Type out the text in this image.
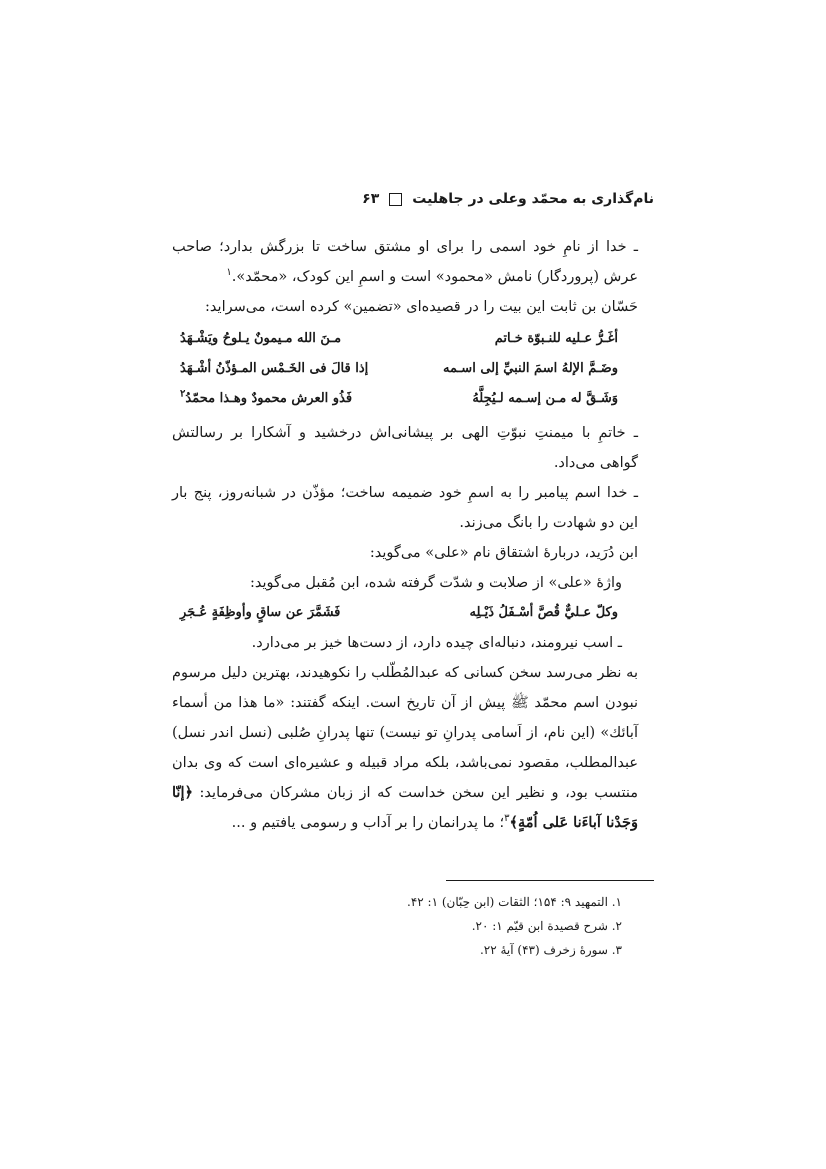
نام‌گذاری به محمّد وعلی در جاهلیت
۶۳

ـ خدا از نامِ خود اسمی را برای او مشتق ساخت تا بزرگش بدارد؛ صاحب عرش (پروردگار) نامش «محمود» است و اسمِ این کودک، «محمّد».$^۱$

حَسّان بن ثابت این بیت را در قصیده‌ای «تضمین» کرده است، می‌سراید:

أغَـرُّ عـليه للنـبوّة خـاتم
مـنَ الله مـيمونٌ يـلوحُ ويَشْـهَدُ
وضَـمَّ الإلهُ اسمَ النبيِّ إلى اسـمه
إذا قالَ فی الخَـمْس المـؤذّنُ أشْـهَدُ
وَشَـقَّ له مـن إسـمه لـيُجِلَّهُ
فَذُو العرش محمودٌ وهـذا محمّدُ$^۲$

ـ خاتمِ با میمنتِ نبوّتِ الهی بر پیشانی‌اش درخشید و آشکارا بر رسالتش گواهی می‌داد.

ـ خدا اسم پیامبر را به اسمِ خود ضمیمه ساخت؛ مؤذّن در شبانه‌روز، پنج بار این دو شهادت را بانگ می‌زند.

ابن دُرَید، دربارهٔ اشتقاق نام «علی» می‌گوید:

واژهٔ «علی» از صلابت و شدّت گرفته شده، ابن مُقبل می‌گوید:

وكلّ عـليٌّ قُصَّ أسْـفَلُ ذَيْـلِه
فَشَمَّرَ عن ساقٍ وأوظِفَةٍ عُـجَرِ

ـ اسب نیرومند، دنباله‌ای چیده دارد، از دست‌ها خیز بر می‌دارد.

به نظر می‌رسد سخن کسانی که عبدالمُطّلب را نکوهیدند، بهترین دلیل مرسوم نبودن اسم محمّد ﷺ پیش از آن تاریخ است. اینکه گفتند: «ما هذا من أسماء آبائك» (این نام، از اَسامی پدرانِ تو نیست) تنها پدرانِ صُلبی (نسل اندر نسل) عبدالمطلب، مقصود نمی‌باشد، بلکه مراد قبیله و عشیره‌ای است که وی بدان منتسب بود، و نظیر این سخن خداست که از زبان مشرکان می‌فرماید: ﴿إنّا وَجَدْنا آباءَنا عَلی اُمّةٍ﴾$^۳$؛ ما پدرانمان را بر آداب و رسومی یافتیم و ...

۱. التمهيد ۹: ۱۵۴؛ الثقات (ابن حِبّان) ۱: ۴۲.

۲. شرح قصيدة ابن قيّم ۱: ۲۰.

۳. سورهٔ زخرف (۴۳) آیهٔ ۲۲.
